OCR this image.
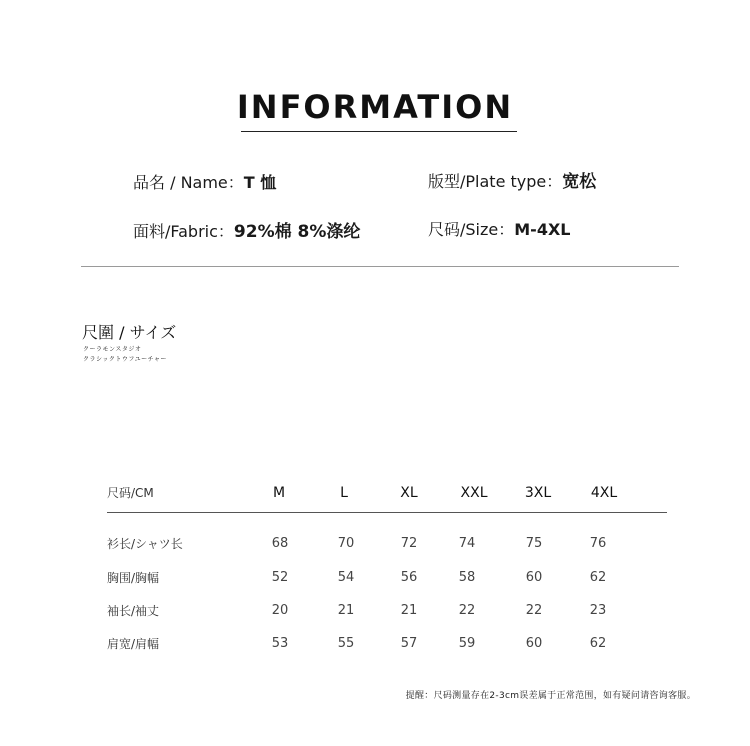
INFORMATION
品名 / Name：T 恤	版型/Plate type：宽松
面料/Fabric：92%棉 8%涤纶	尺码/Size：M-4XL
尺圍 / サイズ
クーラモンスタジオ
クラシックトウフユーチャー
尺码/CM	M	L	XL	XXL	3XL	4XL
衫长/シャツ长	68	70	72	74	75	76
胸围/胸幅	52	54	56	58	60	62
袖长/袖丈	20	21	21	22	22	23
肩宽/肩幅	53	55	57	59	60	62
提醒：尺码测量存在2-3cm误差属于正常范围，如有疑问请咨询客服。
